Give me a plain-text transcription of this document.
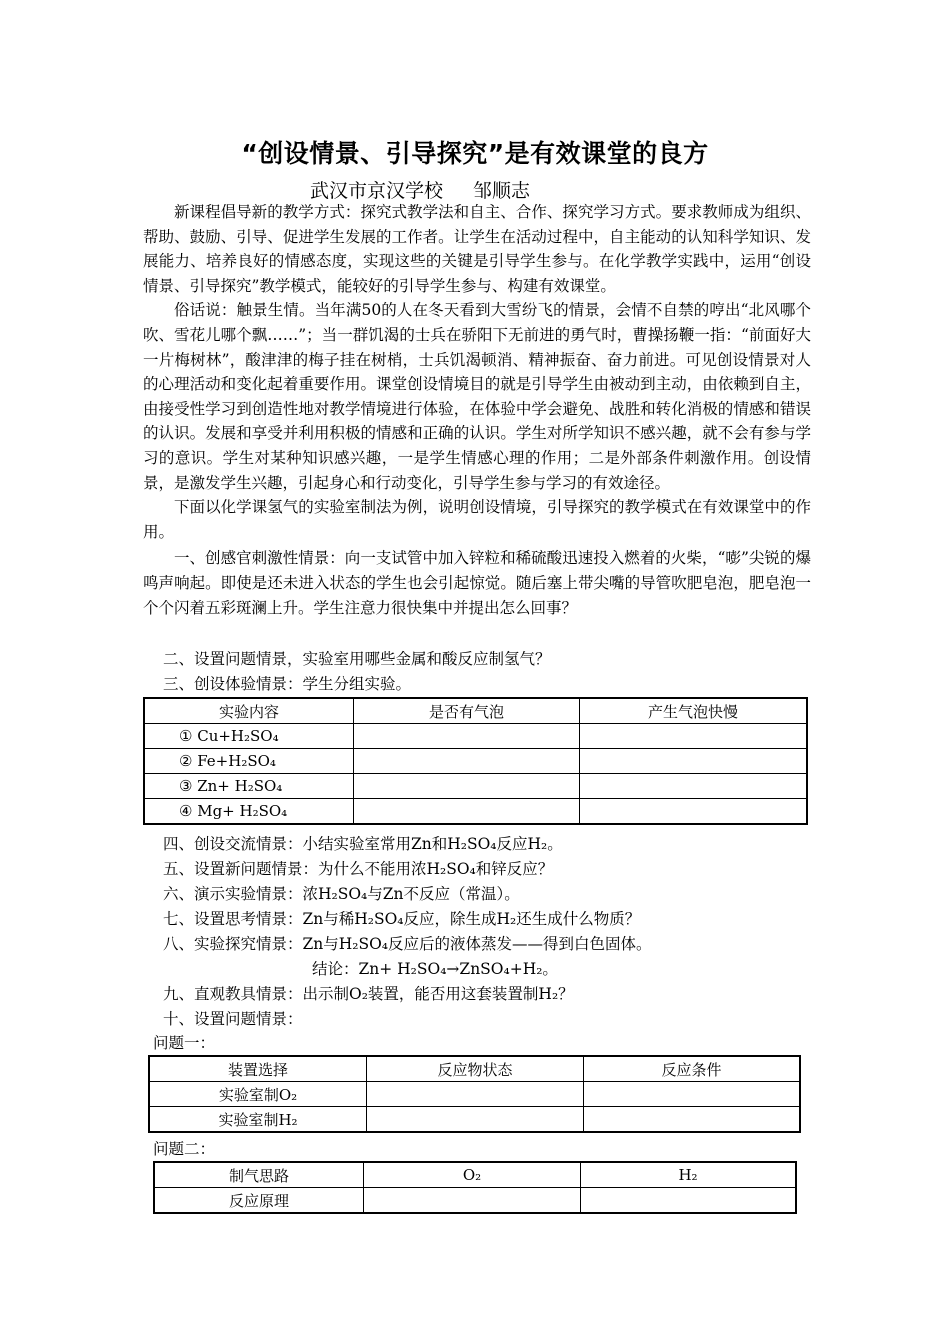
“创设情景、引导探究”是有效课堂的良方
武汉市京汉学校 邹顺志

新课程倡导新的教学方式：探究式教学法和自主、合作、探究学习方式。要求教师成为组织、帮助、鼓励、引导、促进学生发展的工作者。让学生在活动过程中，自主能动的认知科学知识、发展能力、培养良好的情感态度，实现这些的关键是引导学生参与。在化学教学实践中，运用“创设情景、引导探究”教学模式，能较好的引导学生参与、构建有效课堂。

俗话说：触景生情。当年满50的人在冬天看到大雪纷飞的情景，会情不自禁的哼出“北风哪个吹、雪花儿哪个飘……”；当一群饥渴的士兵在骄阳下无前进的勇气时，曹操扬鞭一指：“前面好大一片梅树林”，酸津津的梅子挂在树梢，士兵饥渴顿消、精神振奋、奋力前进。可见创设情景对人的心理活动和变化起着重要作用。课堂创设情境目的就是引导学生由被动到主动，由依赖到自主，由接受性学习到创造性地对教学情境进行体验，在体验中学会避免、战胜和转化消极的情感和错误的认识。发展和享受并利用积极的情感和正确的认识。学生对所学知识不感兴趣，就不会有参与学习的意识。学生对某种知识感兴趣，一是学生情感心理的作用；二是外部条件刺激作用。创设情景，是激发学生兴趣，引起身心和行动变化，引导学生参与学习的有效途径。

下面以化学课氢气的实验室制法为例，说明创设情境，引导探究的教学模式在有效课堂中的作用。

一、创感官刺激性情景：向一支试管中加入锌粒和稀硫酸迅速投入燃着的火柴，“嘭”尖锐的爆鸣声响起。即使是还未进入状态的学生也会引起惊觉。随后塞上带尖嘴的导管吹肥皂泡，肥皂泡一个个闪着五彩斑澜上升。学生注意力很快集中并提出怎么回事？

二、设置问题情景，实验室用哪些金属和酸反应制氢气？
三、创设体验情景：学生分组实验。
实验内容	是否有气泡	产生气泡快慢
① Cu+H₂SO₄		
② Fe+H₂SO₄		
③ Zn+ H₂SO₄		
④ Mg+ H₂SO₄		
四、创设交流情景：小结实验室常用Zn和H₂SO₄反应H₂。
五、设置新问题情景：为什么不能用浓H₂SO₄和锌反应？
六、演示实验情景：浓H₂SO₄与Zn不反应（常温）。
七、设置思考情景：Zn与稀H₂SO₄反应，除生成H₂还生成什么物质？
八、实验探究情景：Zn与H₂SO₄反应后的液体蒸发——得到白色固体。
结论：Zn+ H₂SO₄→ZnSO₄+H₂。
九、直观教具情景：出示制O₂装置，能否用这套装置制H₂？
十、设置问题情景：
问题一：
装置选择	反应物状态	反应条件
实验室制O₂		
实验室制H₂		
问题二：
制气思路	O₂	H₂
反应原理		
